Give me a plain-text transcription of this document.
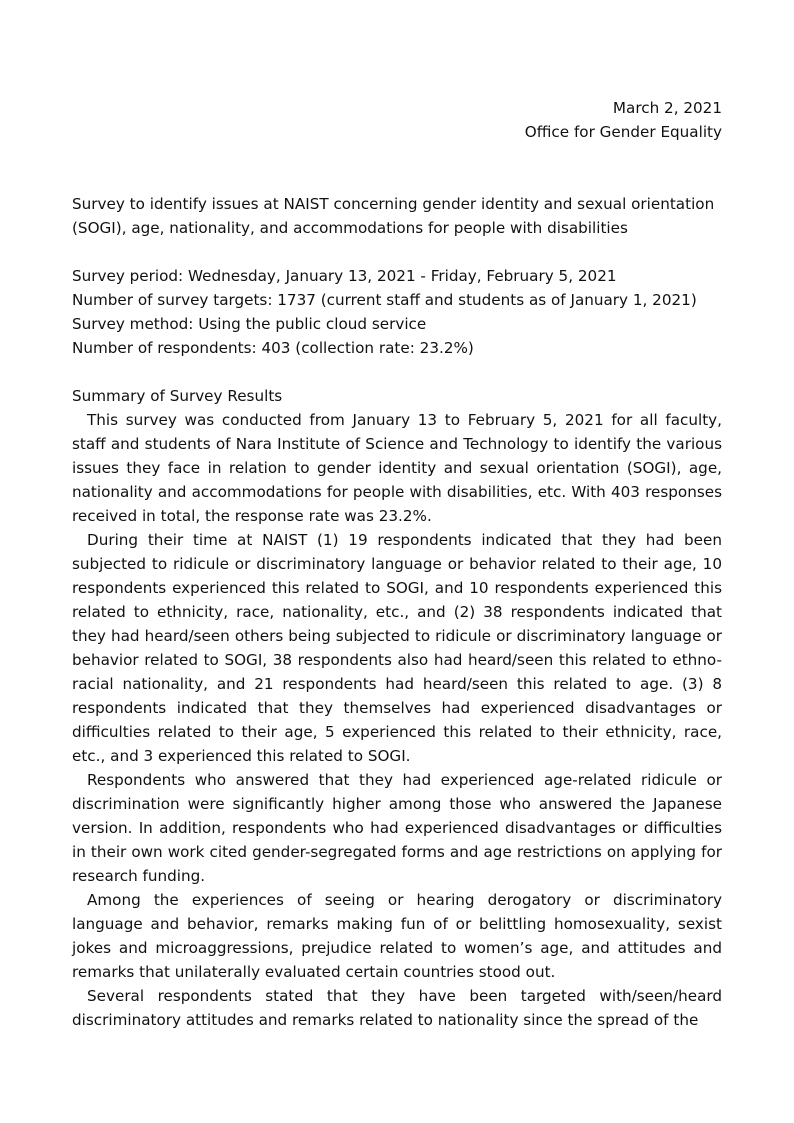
March 2, 2021
Office for Gender Equality

Survey to identify issues at NAIST concerning gender identity and sexual orientation (SOGI), age, nationality, and accommodations for people with disabilities

Survey period: Wednesday, January 13, 2021 - Friday, February 5, 2021
Number of survey targets: 1737 (current staff and students as of January 1, 2021)
Survey method: Using the public cloud service
Number of respondents: 403 (collection rate: 23.2%)

Summary of Survey Results

This survey was conducted from January 13 to February 5, 2021 for all faculty, staff and students of Nara Institute of Science and Technology to identify the various issues they face in relation to gender identity and sexual orientation (SOGI), age, nationality and accommodations for people with disabilities, etc. With 403 responses received in total, the response rate was 23.2%.

During their time at NAIST (1) 19 respondents indicated that they had been subjected to ridicule or discriminatory language or behavior related to their age, 10 respondents experienced this related to SOGI, and 10 respondents experienced this related to ethnicity, race, nationality, etc., and (2) 38 respondents indicated that they had heard/seen others being subjected to ridicule or discriminatory language or behavior related to SOGI, 38 respondents also had heard/seen this related to ethno-racial nationality, and 21 respondents had heard/seen this related to age. (3) 8 respondents indicated that they themselves had experienced disadvantages or difficulties related to their age, 5 experienced this related to their ethnicity, race, etc., and 3 experienced this related to SOGI.

Respondents who answered that they had experienced age-related ridicule or discrimination were significantly higher among those who answered the Japanese version. In addition, respondents who had experienced disadvantages or difficulties in their own work cited gender-segregated forms and age restrictions on applying for research funding.

Among the experiences of seeing or hearing derogatory or discriminatory language and behavior, remarks making fun of or belittling homosexuality, sexist jokes and microaggressions, prejudice related to women’s age, and attitudes and remarks that unilaterally evaluated certain countries stood out.

Several respondents stated that they have been targeted with/seen/heard discriminatory attitudes and remarks related to nationality since the spread of the
